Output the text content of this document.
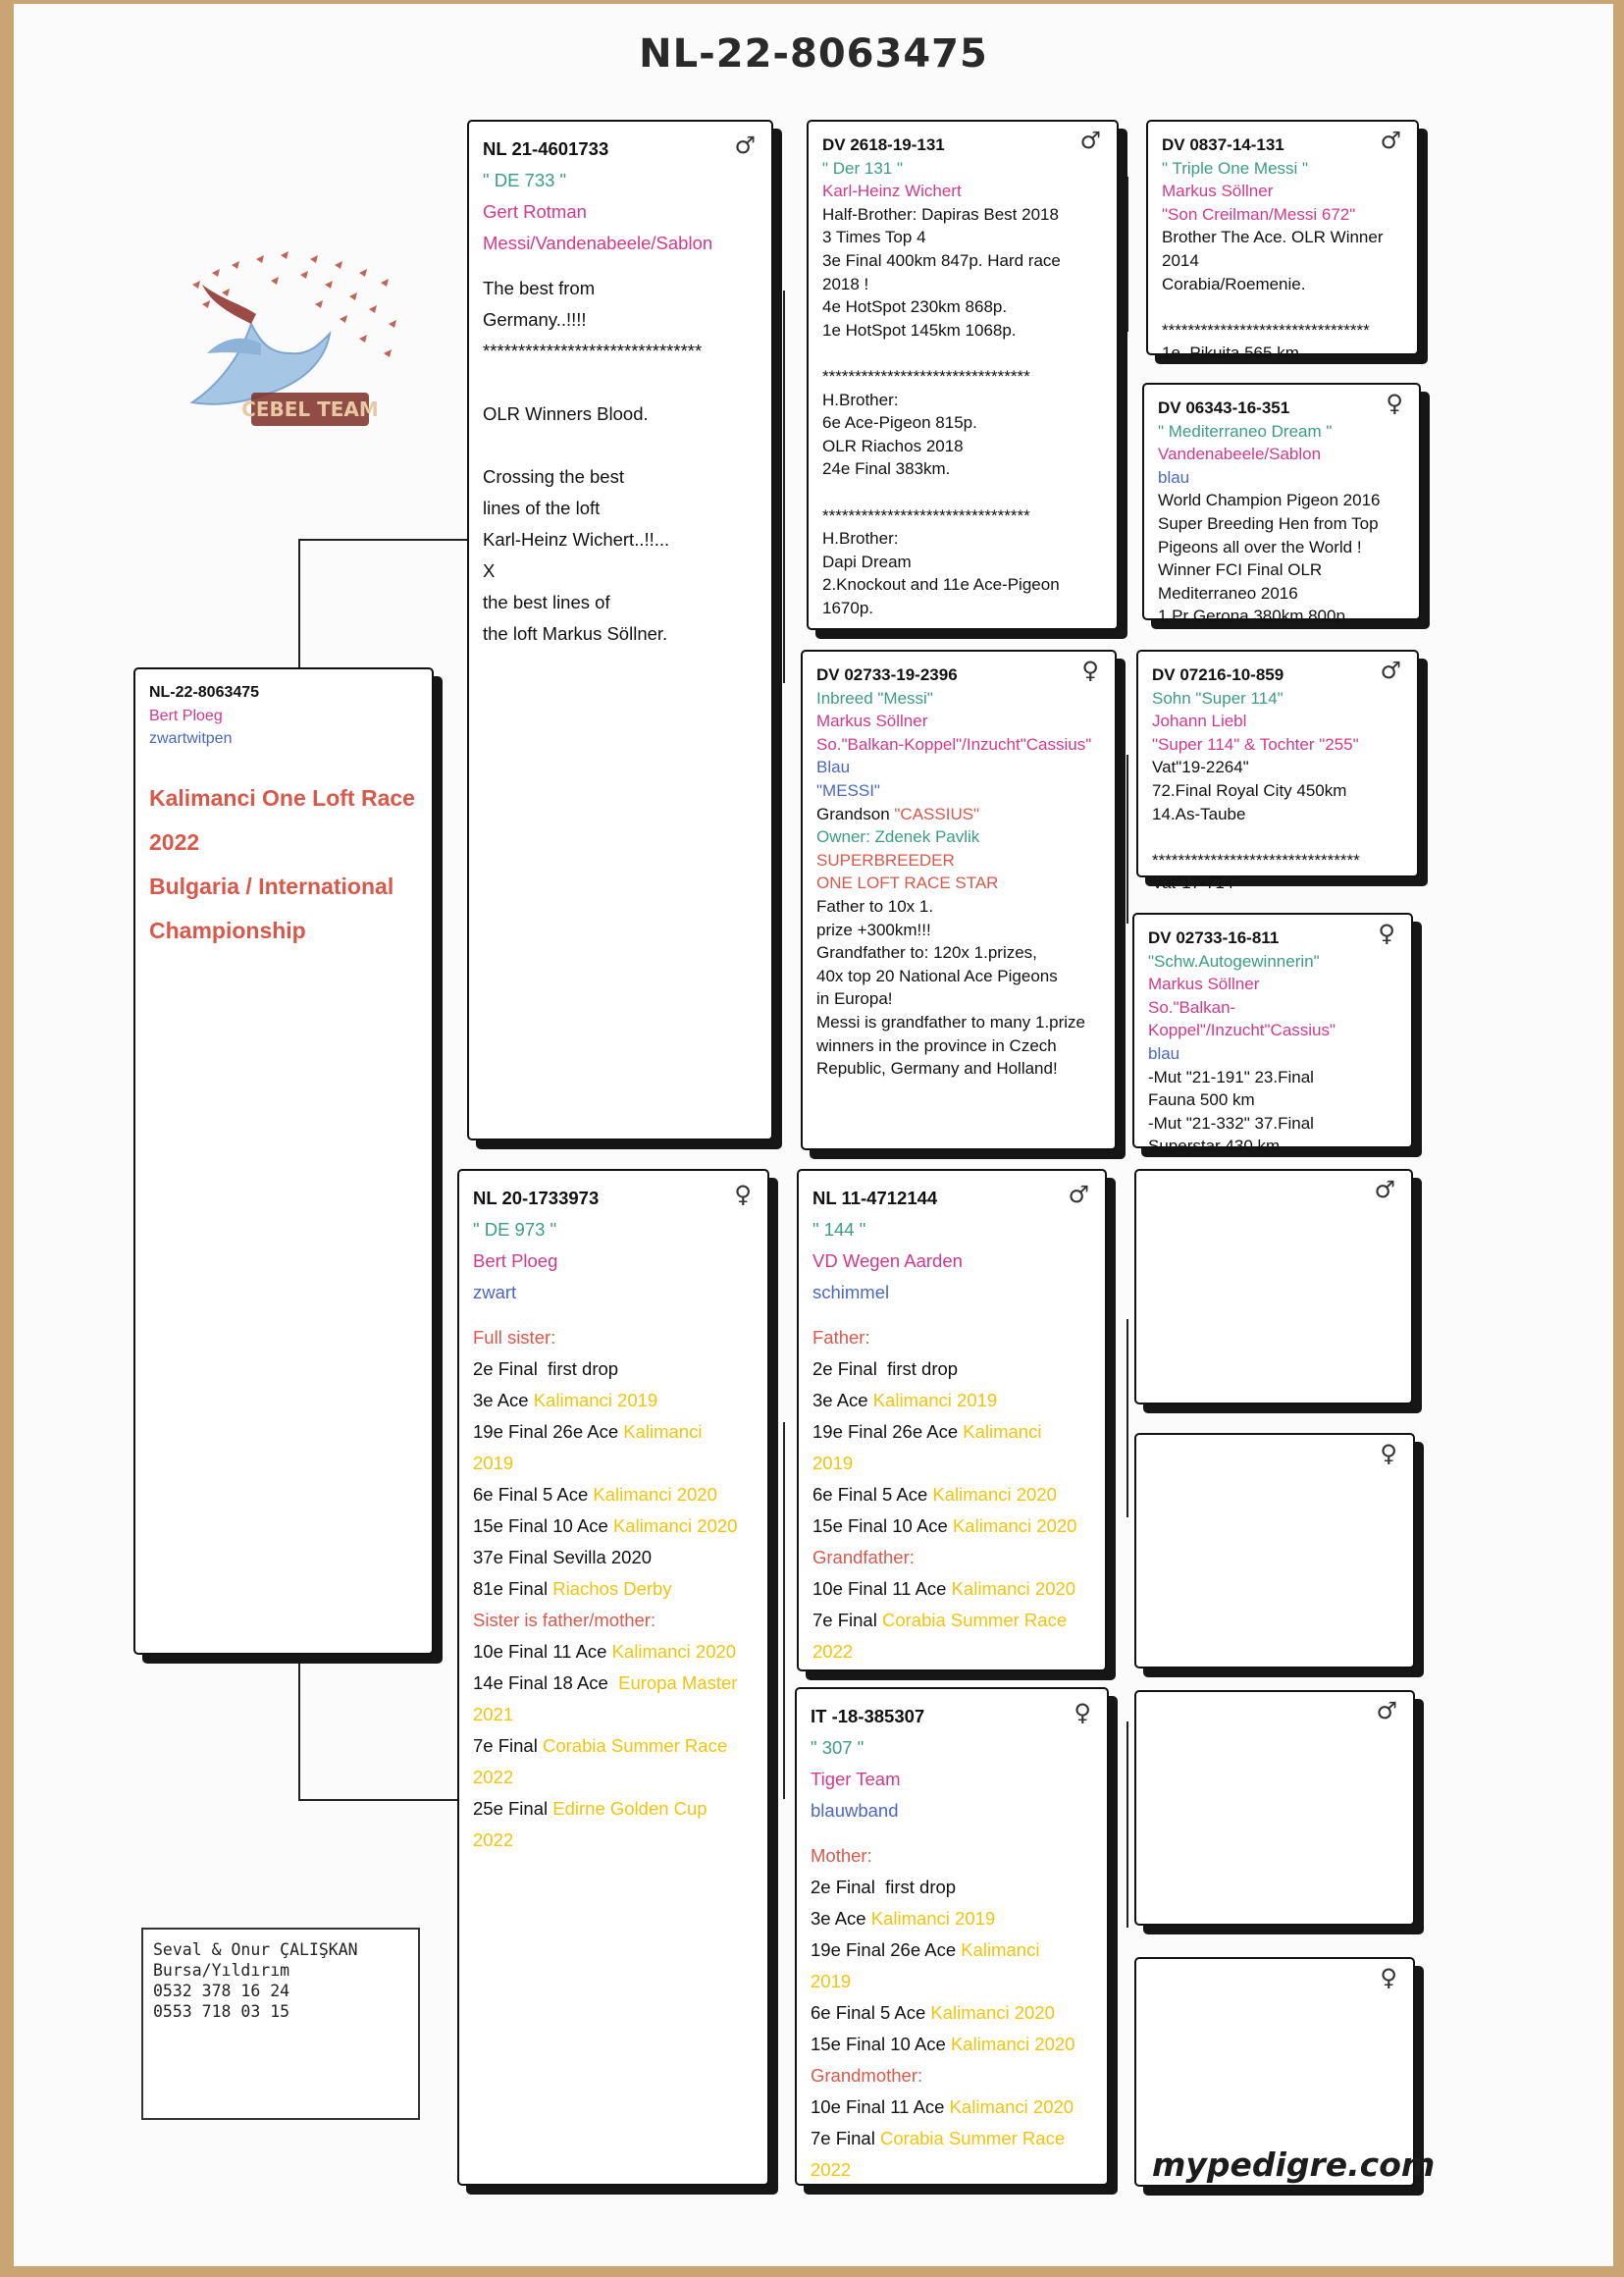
NL-22-8063475
CEBEL TEAM
NL-22-8063475
Bert Ploeg
zwartwitpen
Kalimanci One Loft Race
2022
Bulgaria / International
Championship
♂
NL 21-4601733
" DE 733 "
Gert Rotman
Messi/Vandenabeele/Sablon
The best from
Germany..!!!!
*******************************

OLR Winners Blood.

Crossing the best
lines of the loft
Karl-Heinz Wichert..!!...
X
the best lines of
the loft Markus Söllner.
♀
NL 20-1733973
" DE 973 "
Bert Ploeg
zwart
Full sister:
2e Final  first drop
3e Ace Kalimanci 2019
19e Final 26e Ace Kalimanci
2019
6e Final 5 Ace Kalimanci 2020
15e Final 10 Ace Kalimanci 2020
37e Final Sevilla 2020
81e Final Riachos Derby
Sister is father/mother:
10e Final 11 Ace Kalimanci 2020
14e Final 18 Ace  Europa Master
2021
7e Final Corabia Summer Race
2022
25e Final Edirne Golden Cup
2022
♂
DV 2618-19-131
" Der 131 "
Karl-Heinz Wichert
Half-Brother: Dapiras Best 2018
3 Times Top 4
3e Final 400km 847p. Hard race
2018 !
4e HotSpot 230km 868p.
1e HotSpot 145km 1068p.

********************************
H.Brother:
6e Ace-Pigeon 815p.
OLR Riachos 2018
24e Final 383km.

********************************
H.Brother:
Dapi Dream
2.Knockout and 11e Ace-Pigeon
1670p.
♀
DV 02733-19-2396
Inbreed "Messi"
Markus Söllner
So."Balkan-Koppel"/Inzucht"Cassius"
Blau
"MESSI"
Grandson "CASSIUS"
Owner: Zdenek Pavlik
SUPERBREEDER
ONE LOFT RACE STAR
Father to 10x 1.
prize +300km!!!
Grandfather to: 120x 1.prizes,
40x top 20 National Ace Pigeons
in Europa!
Messi is grandfather to many 1.prize
winners in the province in Czech
Republic, Germany and Holland!
♂
NL 11-4712144
" 144 "
VD Wegen Aarden
schimmel
Father:
2e Final  first drop
3e Ace Kalimanci 2019
19e Final 26e Ace Kalimanci
2019
6e Final 5 Ace Kalimanci 2020
15e Final 10 Ace Kalimanci 2020
Grandfather:
10e Final 11 Ace Kalimanci 2020
7e Final Corabia Summer Race
2022
♀
IT -18-385307
" 307 "
Tiger Team
blauwband
Mother:
2e Final  first drop
3e Ace Kalimanci 2019
19e Final 26e Ace Kalimanci
2019
6e Final 5 Ace Kalimanci 2020
15e Final 10 Ace Kalimanci 2020
Grandmother:
10e Final 11 Ace Kalimanci 2020
7e Final Corabia Summer Race
2022
♂
DV 0837-14-131
" Triple One Messi "
Markus Söllner
"Son Creilman/Messi 672"
Brother The Ace. OLR Winner
2014
Corabia/Roemenie.

********************************
1e. Pikuita 565 km
♀
DV 06343-16-351
" Mediterraneo Dream "
Vandenabeele/Sablon
blau
World Champion Pigeon 2016
Super Breeding Hen from Top
Pigeons all over the World !
Winner FCI Final OLR
Mediterraneo 2016
1.Pr Gerona 380km 800p.
♂
DV 07216-10-859
Sohn "Super 114"
Johann Liebl
"Super 114" & Tochter "255"
Vat"19-2264"
72.Final Royal City 450km
14.As-Taube

********************************
Vat"17-714"
♀
DV 02733-16-811
"Schw.Autogewinnerin"
Markus Söllner
So."Balkan-
Koppel"/Inzucht"Cassius"
blau
-Mut "21-191" 23.Final
Fauna 500 km
-Mut "21-332" 37.Final
Superstar 430 km
♂
♀
♂
♀
Seval & Onur ÇALIŞKAN
Bursa/Yıldırım
0532 378 16 24
0553 718 03 15
mypedigre.com
